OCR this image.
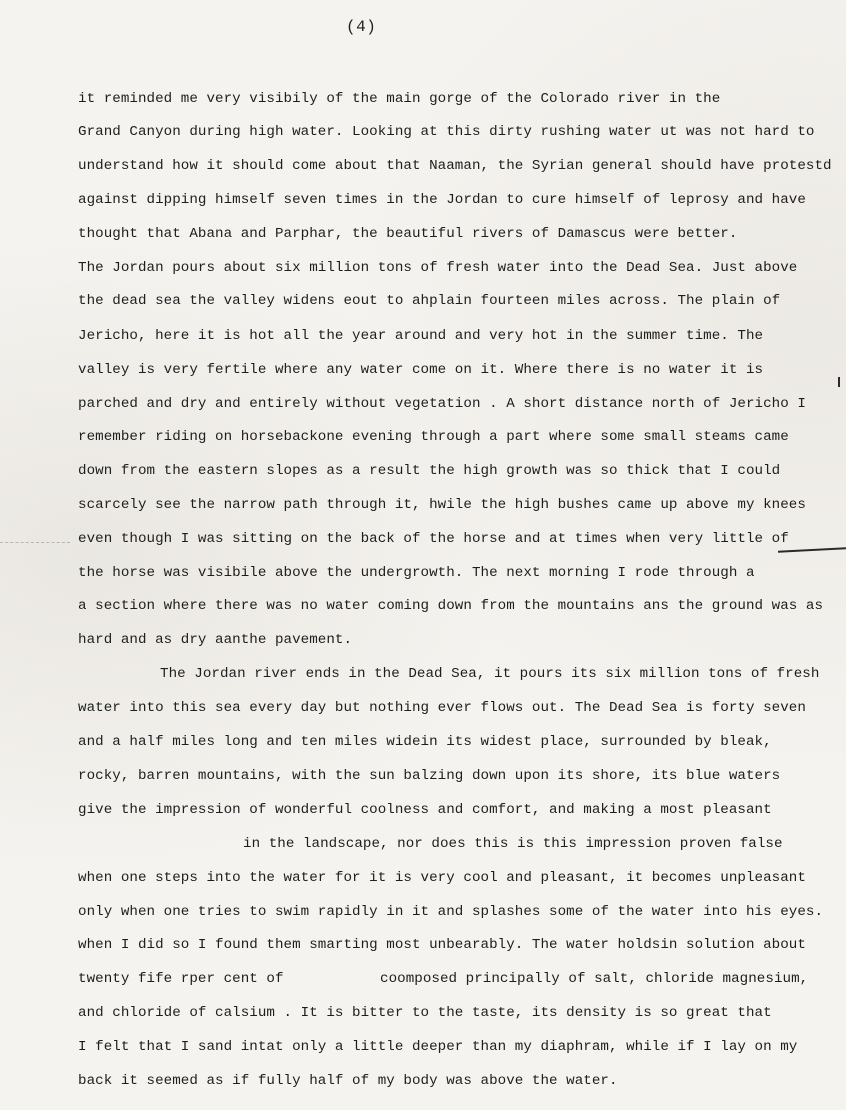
(4)
it reminded me very visibily of the main gorge of the Colorado river in the
Grand Canyon during high water. Looking at this dirty rushing water ut was not hard to
understand how it should come about that Naaman, the Syrian general should have protestd
against dipping himself seven times in the Jordan to cure himself of leprosy and have
thought that Abana and Parphar, the beautiful rivers of Damascus were better.
The Jordan pours about six million tons of fresh water into the Dead Sea. Just above
the dead sea the valley widens eout to ahplain fourteen miles across. The plain of
Jericho, here it is hot all the year around and very hot in the summer time. The
valley is very fertile where any water come on it. Where there is no water it is
parched and dry and entirely without vegetation . A short distance north of Jericho I
remember riding on horsebackone evening through a part where some small steams came
down from the eastern slopes as a result the high growth was so thick that I could
scarcely see the narrow path through it, hwile the high bushes came up above my knees
even though I was sitting on the back of the horse and at times when very little of
the horse was visibile above the undergrowth. The next morning I rode through a
a section where there was no water coming down from the mountains ans the ground was as
hard and as dry aanthe pavement.
The Jordan river ends in the Dead Sea, it pours its six million tons of fresh
water into this sea every day but nothing ever flows out. The Dead Sea is forty seven
and a half miles long and ten miles widein its widest place, surrounded by bleak,
rocky, barren mountains, with the sun balzing down upon its shore, its blue waters
give the impression of wonderful coolness and comfort, and making a most pleasant
in the landscape, nor does this is this impression proven false
when one steps into the water for it is very cool and pleasant, it becomes unpleasant
only when one tries to swim rapidly in it and splashes some of the water into his eyes.
when I did so I found them smarting most unbearably. The water holdsin solution about
twenty fife rper cent of	coomposed principally of salt, chloride magnesium,
and chloride of calsium . It is bitter to the taste, its density is so great that
I felt that I sand intat only a little deeper than my diaphram, while if I lay on my
back it seemed as if fully half of my body was above the water.
